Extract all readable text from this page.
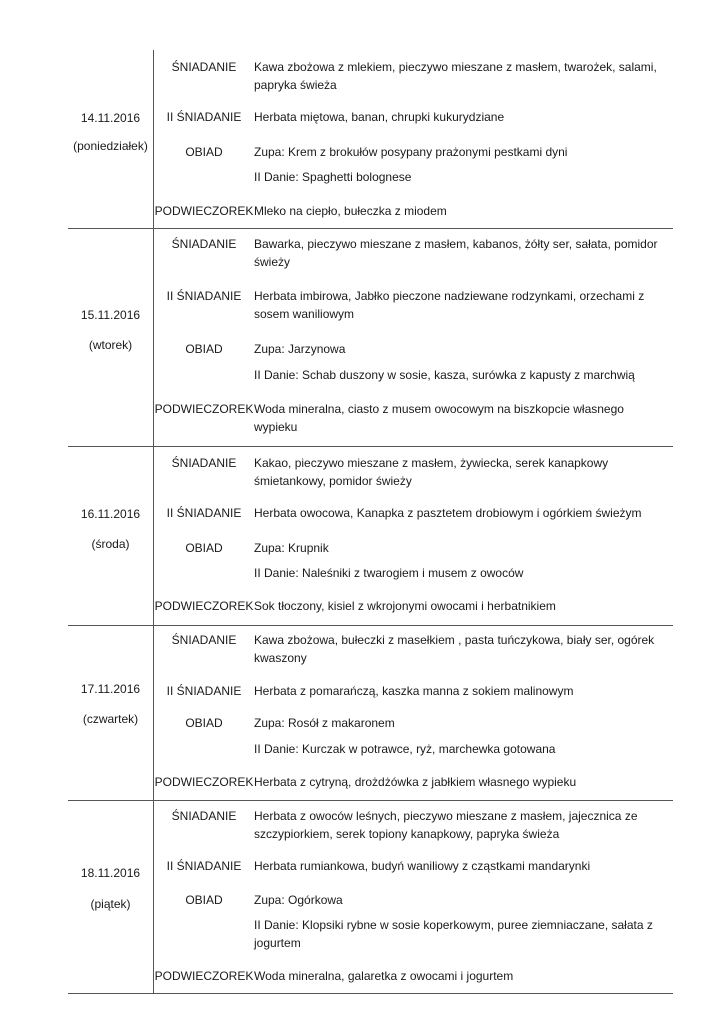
14.11.2016
(poniedziałek)
ŚNIADANIE	Kawa zbożowa z mlekiem, pieczywo mieszane z masłem, twarożek, salami, papryka świeża
II ŚNIADANIE	Herbata miętowa, banan, chrupki kukurydziane
OBIAD	Zupa: Krem z brokułów posypany prażonymi pestkami dyni
II Danie: Spaghetti bolognese
PODWIECZOREK Mleko na ciepło, bułeczka z miodem
15.11.2016
(wtorek)
ŚNIADANIE	Bawarka, pieczywo mieszane z masłem, kabanos, żółty ser, sałata, pomidor świeży
II ŚNIADANIE	Herbata imbirowa, Jabłko pieczone nadziewane rodzynkami, orzechami z sosem waniliowym
OBIAD	Zupa: Jarzynowa
II Danie: Schab duszony w sosie, kasza, surówka z kapusty z marchwią
PODWIECZOREK Woda mineralna, ciasto z musem owocowym na biszkopcie własnego wypieku
16.11.2016
(środa)
ŚNIADANIE	Kakao, pieczywo mieszane z masłem, żywiecka, serek kanapkowy śmietankowy, pomidor świeży
II ŚNIADANIE	Herbata owocowa, Kanapka z pasztetem drobiowym i ogórkiem świeżym
OBIAD	Zupa: Krupnik
II Danie: Naleśniki z twarogiem i musem z owoców
PODWIECZOREK Sok tłoczony, kisiel z wkrojonymi owocami i herbatnikiem
17.11.2016
(czwartek)
ŚNIADANIE	Kawa zbożowa, bułeczki z masełkiem , pasta tuńczykowa, biały ser, ogórek kwaszony
II ŚNIADANIE	Herbata z pomarańczą, kaszka manna z sokiem malinowym
OBIAD	Zupa: Rosół z makaronem
II Danie: Kurczak w potrawce, ryż, marchewka gotowana
PODWIECZOREK Herbata z cytryną, drożdżówka z jabłkiem własnego wypieku
18.11.2016
(piątek)
ŚNIADANIE	Herbata z owoców leśnych, pieczywo mieszane z masłem, jajecznica ze szczypiorkiem, serek topiony kanapkowy, papryka świeża
II ŚNIADANIE	Herbata rumiankowa, budyń waniliowy z cząstkami mandarynki
OBIAD	Zupa: Ogórkowa
II Danie: Klopsiki rybne w sosie koperkowym, puree ziemniaczane, sałata z jogurtem
PODWIECZOREK Woda mineralna, galaretka z owocami i jogurtem
